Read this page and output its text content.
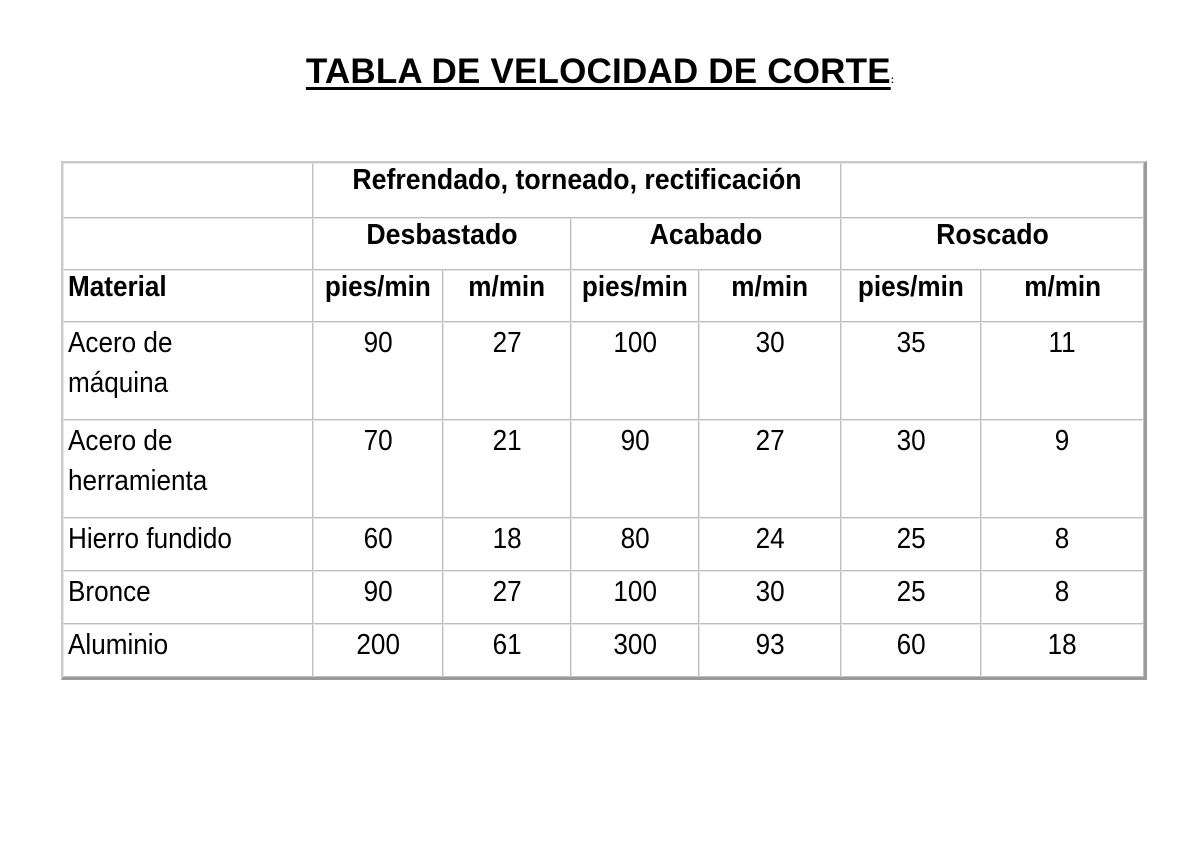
TABLA DE VELOCIDAD DE CORTE:

	Refrendado, torneado, rectificación					

	Desbastado		Acabado		Roscado	

Material	pies/min	m/min	pies/min	m/min	pies/min	m/min
Acero de máquina	90	27	100	30	35	11
Acero de herramienta	70	21	90	27	30	9
Hierro fundido	60	18	80	24	25	8
Bronce	90	27	100	30	25	8
Aluminio	200	61	300	93	60	18
